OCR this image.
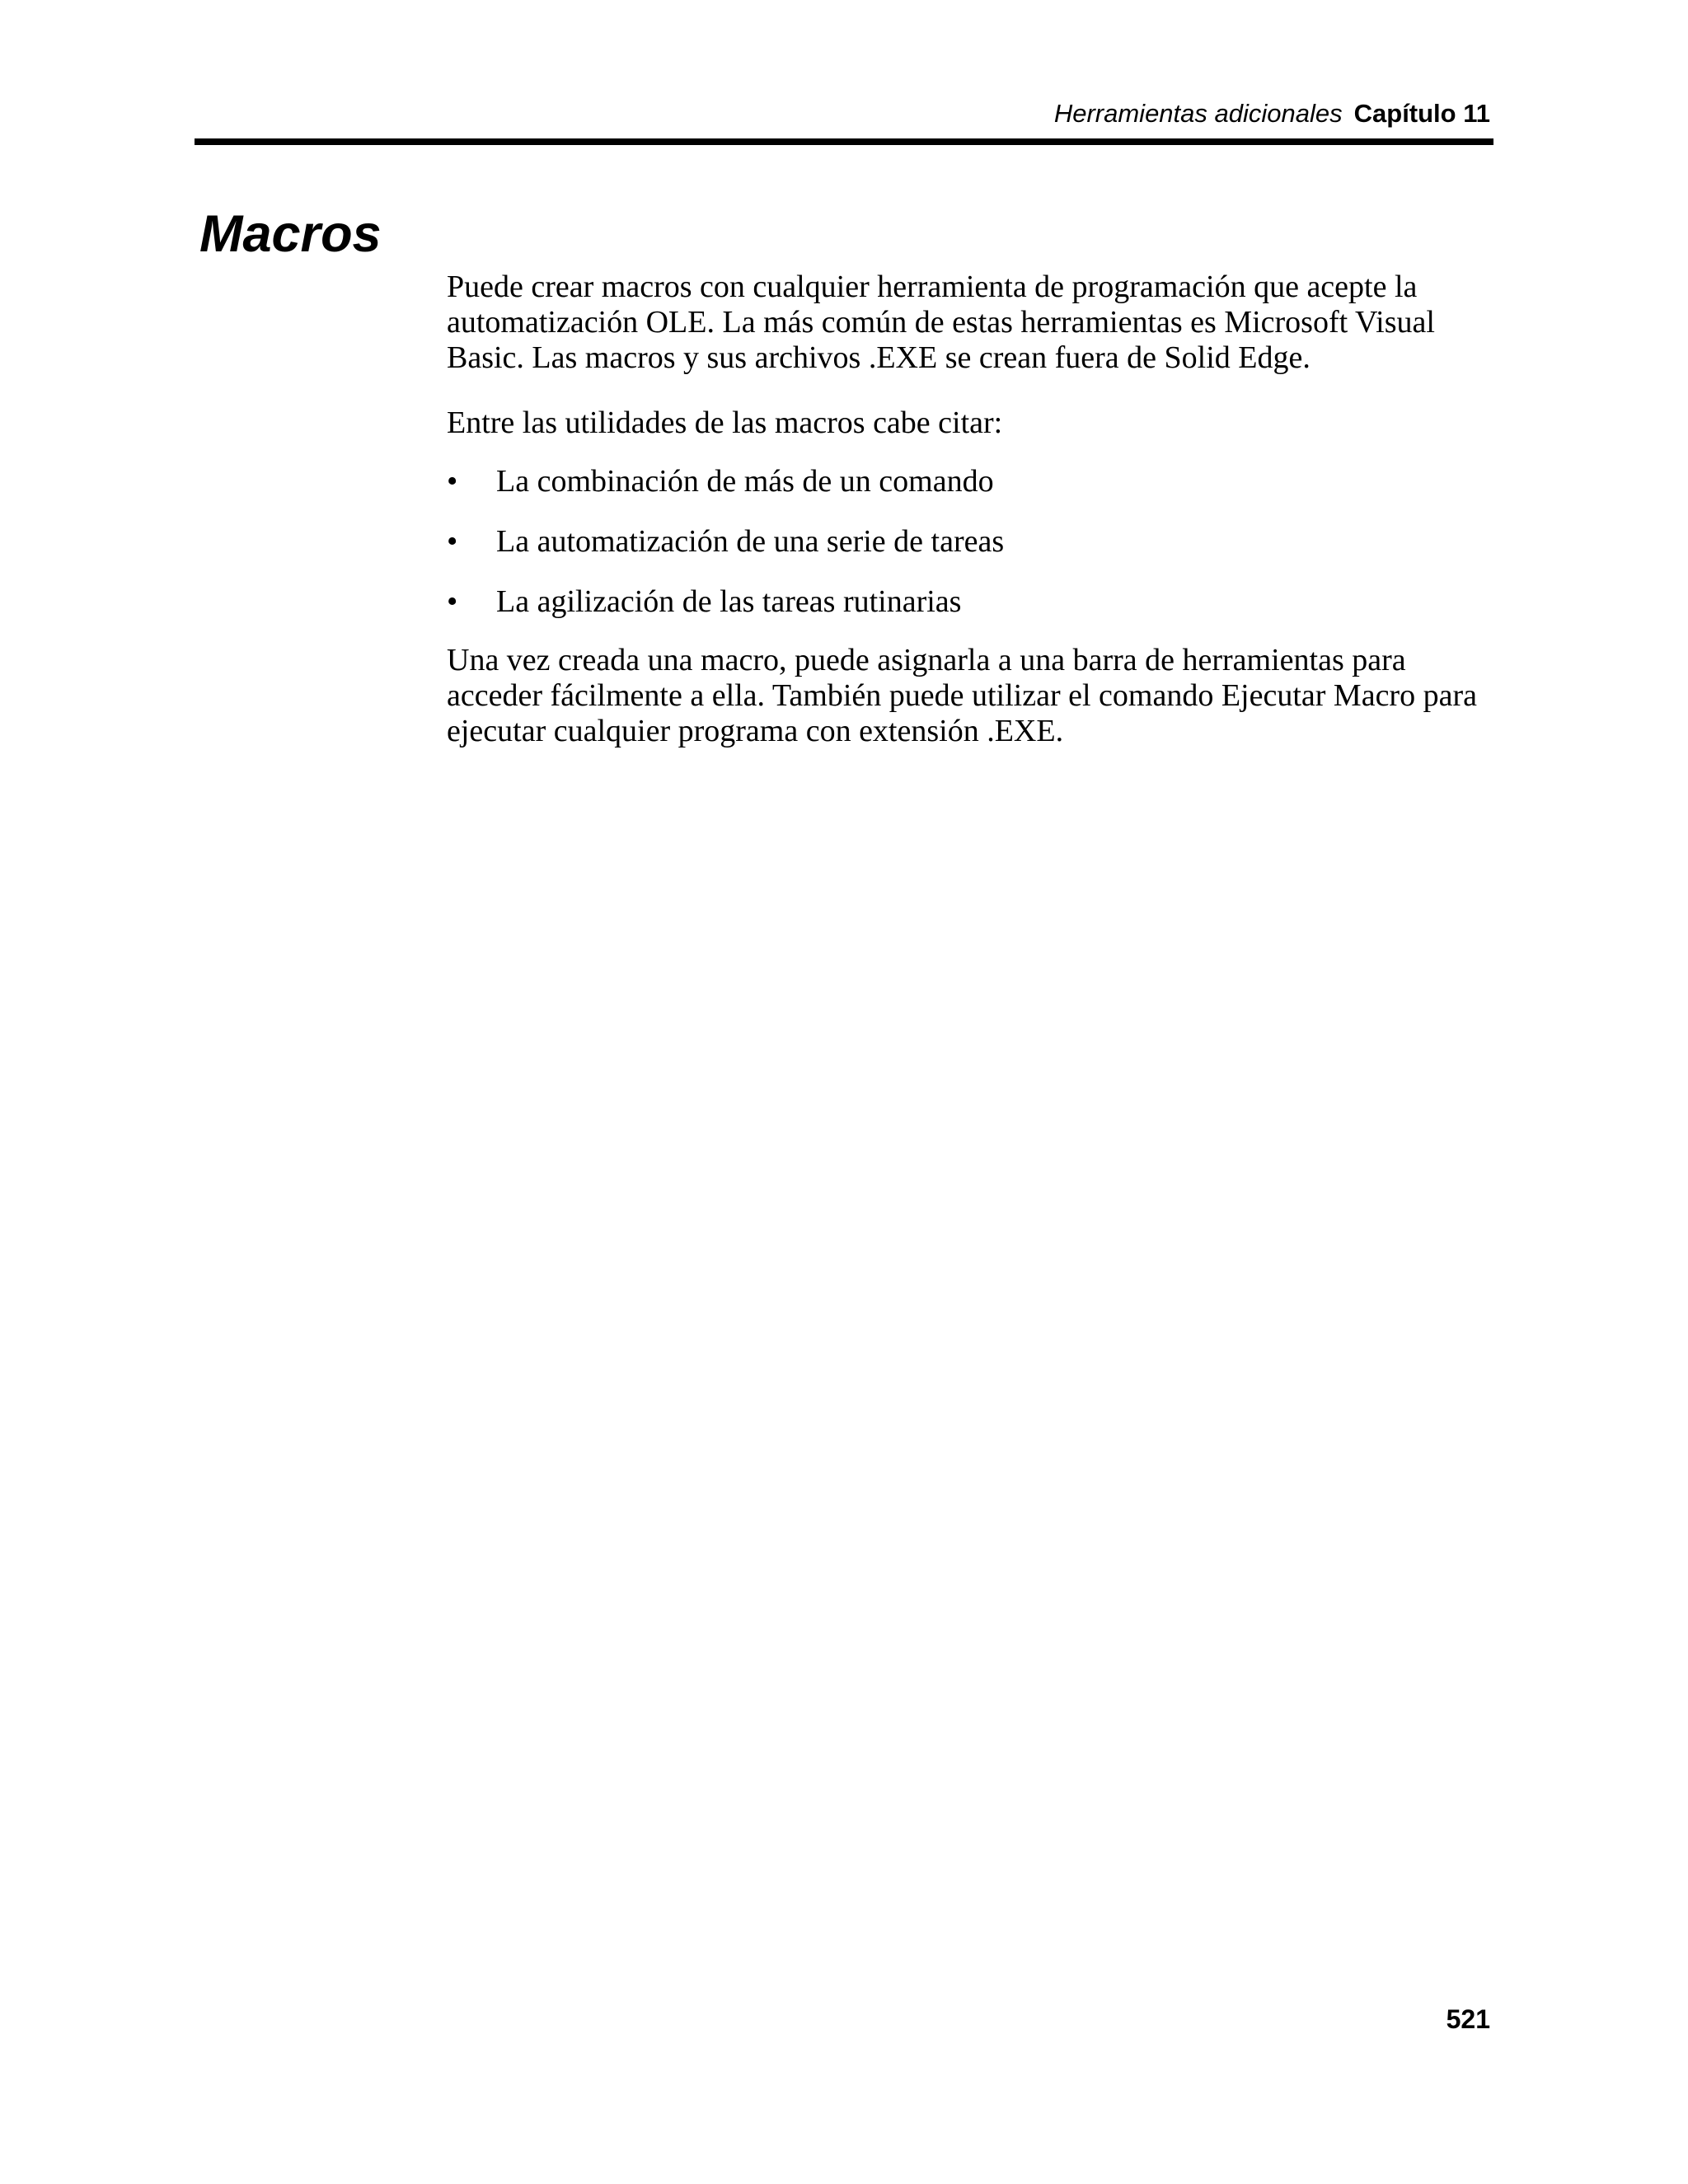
Herramientas adicionales Capítulo 11
Macros

Puede crear macros con cualquier herramienta de programación que acepte la automatización OLE. La más común de estas herramientas es Microsoft Visual Basic. Las macros y sus archivos .EXE se crean fuera de Solid Edge.

Entre las utilidades de las macros cabe citar:

• La combinación de más de un comando
• La automatización de una serie de tareas
• La agilización de las tareas rutinarias

Una vez creada una macro, puede asignarla a una barra de herramientas para acceder fácilmente a ella. También puede utilizar el comando Ejecutar Macro para ejecutar cualquier programa con extensión .EXE.

521
